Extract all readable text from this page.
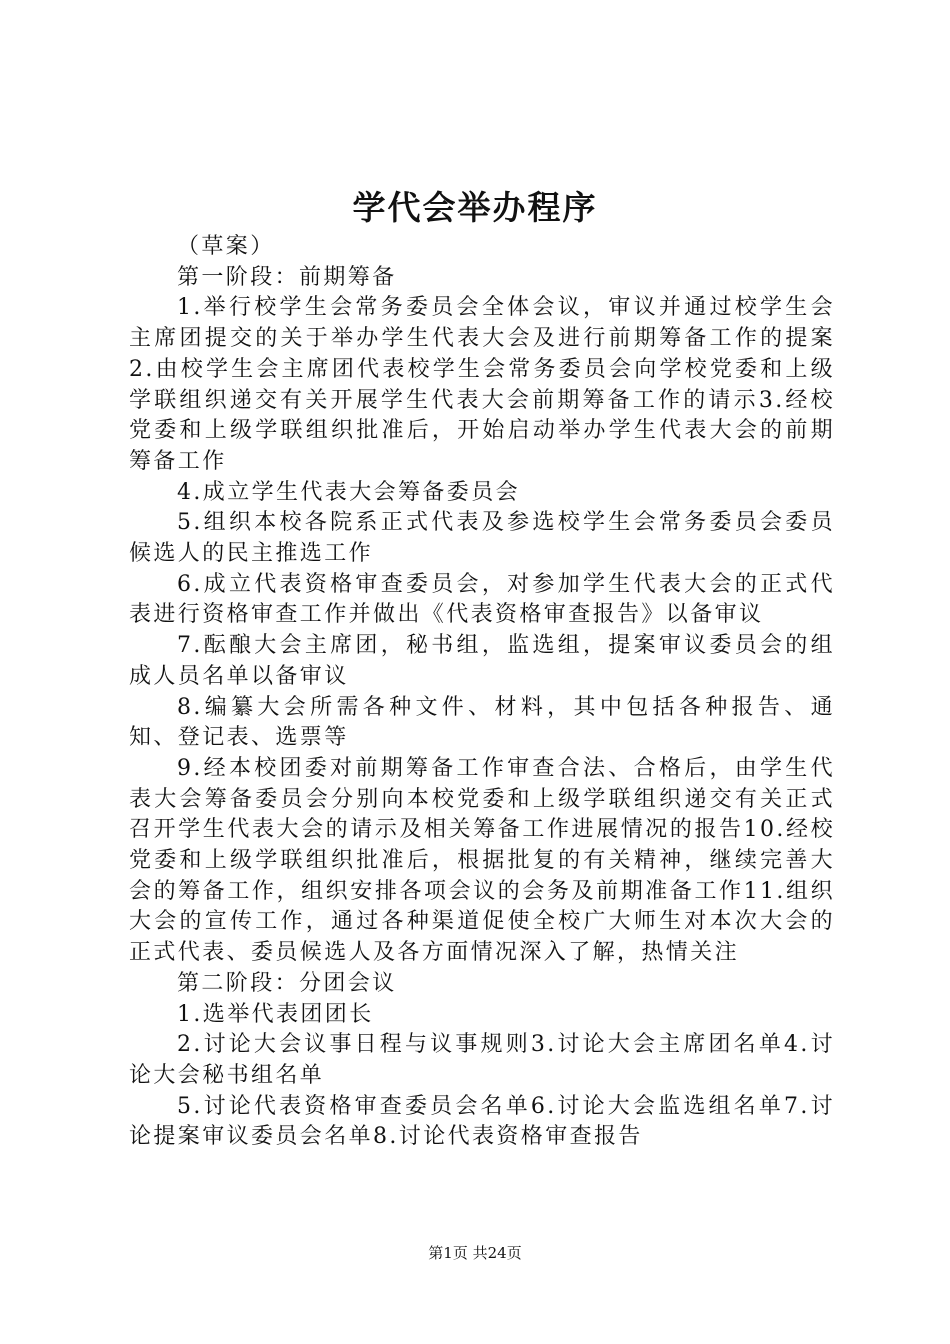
学代会举办程序

（草案）

第一阶段：前期筹备

1.举行校学生会常务委员会全体会议，审议并通过校学生会主席团提交的关于举办学生代表大会及进行前期筹备工作的提案2.由校学生会主席团代表校学生会常务委员会向学校党委和上级学联组织递交有关开展学生代表大会前期筹备工作的请示3.经校党委和上级学联组织批准后，开始启动举办学生代表大会的前期筹备工作

4.成立学生代表大会筹备委员会

5.组织本校各院系正式代表及参选校学生会常务委员会委员候选人的民主推选工作

6.成立代表资格审查委员会，对参加学生代表大会的正式代表进行资格审查工作并做出《代表资格审查报告》以备审议

7.酝酿大会主席团，秘书组，监选组，提案审议委员会的组成人员名单以备审议

8.编纂大会所需各种文件、材料，其中包括各种报告、通知、登记表、选票等

9.经本校团委对前期筹备工作审查合法、合格后，由学生代表大会筹备委员会分别向本校党委和上级学联组织递交有关正式召开学生代表大会的请示及相关筹备工作进展情况的报告10.经校党委和上级学联组织批准后，根据批复的有关精神，继续完善大会的筹备工作，组织安排各项会议的会务及前期准备工作11.组织大会的宣传工作，通过各种渠道促使全校广大师生对本次大会的正式代表、委员候选人及各方面情况深入了解，热情关注

第二阶段：分团会议

1.选举代表团团长

2.讨论大会议事日程与议事规则3.讨论大会主席团名单4.讨论大会秘书组名单

5.讨论代表资格审查委员会名单6.讨论大会监选组名单7.讨论提案审议委员会名单8.讨论代表资格审查报告

第1页 共24页
